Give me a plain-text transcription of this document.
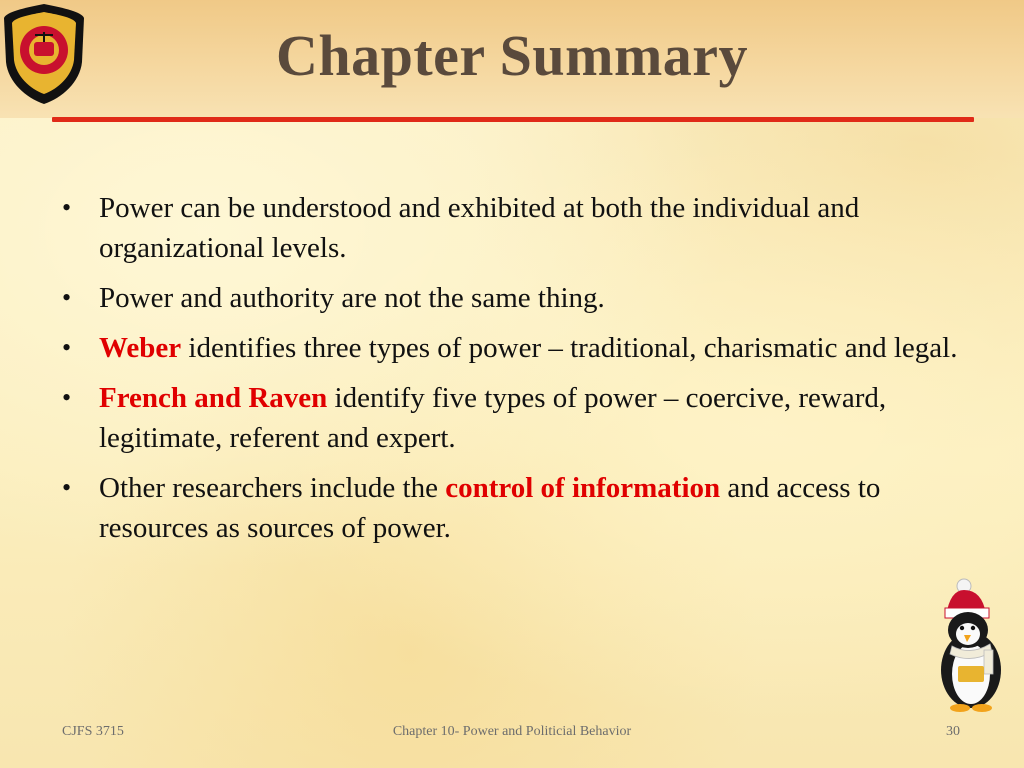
Chapter Summary
• Power can be understood and exhibited at both the individual and organizational levels.
• Power and authority are not the same thing.
• Weber identifies three types of power – traditional, charismatic and legal.
• French and Raven identify five types of power – coercive, reward, legitimate, referent and expert.
• Other researchers include the control of information and access to resources as sources of power.
CJFS 3715	Chapter 10- Power and Politicial Behavior	30
